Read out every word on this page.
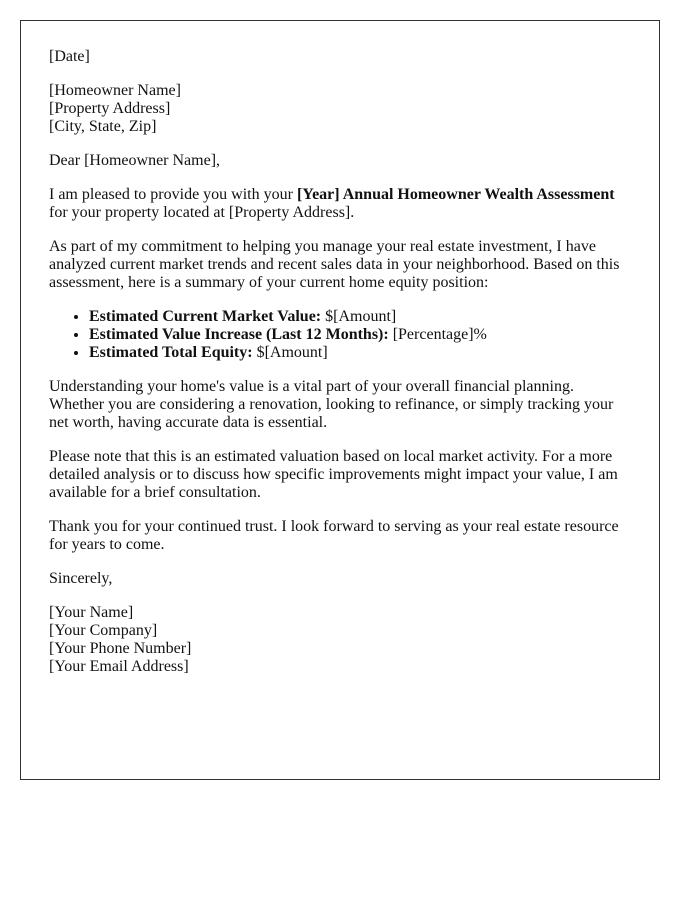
[Date]
[Homeowner Name]
[Property Address]
[City, State, Zip]

Dear [Homeowner Name],

I am pleased to provide you with your [Year] Annual Homeowner Wealth Assessment for your property located at [Property Address].

As part of my commitment to helping you manage your real estate investment, I have analyzed current market trends and recent sales data in your neighborhood. Based on this assessment, here is a summary of your current home equity position:

• Estimated Current Market Value: $[Amount]
• Estimated Value Increase (Last 12 Months): [Percentage]%
• Estimated Total Equity: $[Amount]

Understanding your home's value is a vital part of your overall financial planning. Whether you are considering a renovation, looking to refinance, or simply tracking your net worth, having accurate data is essential.

Please note that this is an estimated valuation based on local market activity. For a more detailed analysis or to discuss how specific improvements might impact your value, I am available for a brief consultation.

Thank you for your continued trust. I look forward to serving as your real estate resource for years to come.

Sincerely,

[Your Name]
[Your Company]
[Your Phone Number]
[Your Email Address]
